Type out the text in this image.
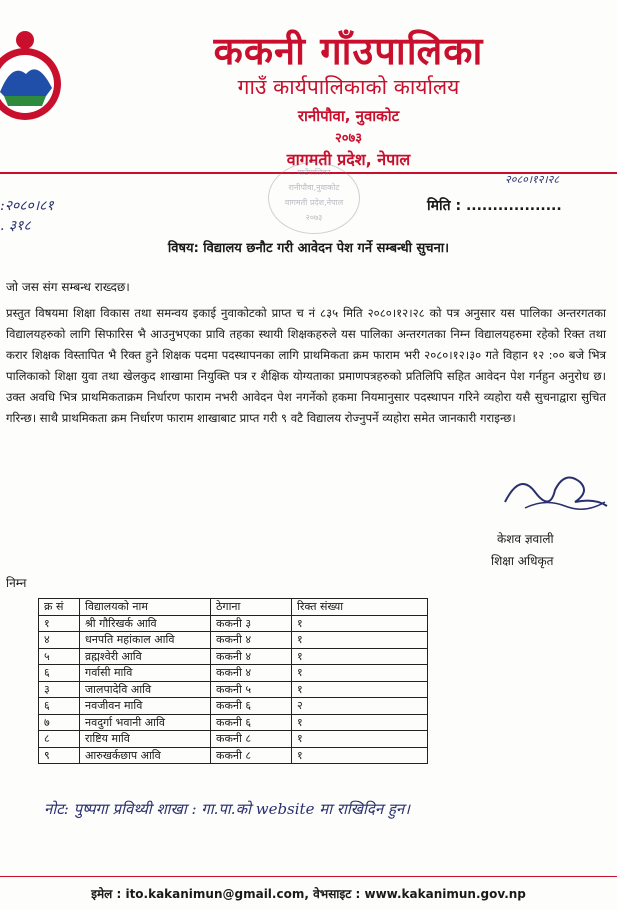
ककनी गाँउपालिका
गाउँ कार्यपालिकाको कार्यालय
रानीपौवा, नुवाकोट
२०७३
वागमती प्रदेश, नेपाल
गाउँपालिका
रानीपौवा,नुवाकोट
वागमती प्रदेश,नेपाल
२०७३
२०८०।१२।२८
:२०८०।८१
. ३१८
मिति : ..................
विषय: विद्यालय छनौट गरी आवेदन पेश गर्ने सम्बन्धी सुचना।
जो जस संग सम्बन्ध राख्दछ।
प्रस्तुत विषयमा शिक्षा विकास तथा समन्वय इकाई नुवाकोटको प्राप्त च नं ८३५ मिति २०८०।१२।२८ को पत्र अनुसार यस पालिका अन्तरगतका विद्यालयहरुको लागि सिफारिस भै आउनुभएका प्रावि तहका स्थायी शिक्षकहरुले यस पालिका अन्तरगतका निम्न विद्यालयहरुमा रहेको रिक्त तथा करार शिक्षक विस्तापित भै रिक्त हुने शिक्षक पदमा पदस्थापनका लागि प्राथमिकता क्रम फाराम भरी २०८०।१२।३० गते विहान १२ :०० बजे भित्र पालिकाको शिक्षा युवा तथा खेलकुद शाखामा नियुक्ति पत्र र शैक्षिक योग्यताका प्रमाणपत्रहरुको प्रतिलिपि सहित आवेदन पेश गर्नहुन अनुरोध छ। उक्त अवधि भित्र प्राथमिकताक्रम निर्धारण फाराम नभरी आवेदन पेश नगर्नेको हकमा नियमानुसार पदस्थापन गरिने व्यहोरा यसै सुचनाद्वारा सुचित गरिन्छ। साथै प्राथमिकता क्रम निर्धारण फाराम शाखाबाट प्राप्त गरी ९ वटै विद्यालय रोज्नुपर्ने व्यहोरा समेत जानकारी गराइन्छ।
केशव ज्ञवाली
शिक्षा अधिकृत
निम्न
क्र सं	विद्यालयको नाम	ठेगाना	रिक्त संख्या
१	श्री गौरिखर्क आवि	ककनी ३	१
४	धनपति महांकाल आवि	ककनी ४	१
५	व्रह्मश्वेरी आवि	ककनी ४	१
६	गर्वासी मावि	ककनी ४	१
३	जालपादेवि आवि	ककनी ५	१
६	नवजीवन मावि	ककनी ६	२
७	नवदुर्गा भवानी आवि	ककनी ६	१
८	राष्टिय मावि	ककनी ८	१
९	आरुखर्कछाप आवि	ककनी ८	१
नोट: पुष्पगा प्रविथ्यी शाखा : गा.पा.को website मा राखिदिन हुन।
इमेल : ito.kakanimun@gmail.com, वेभसाइट : www.kakanimun.gov.np
